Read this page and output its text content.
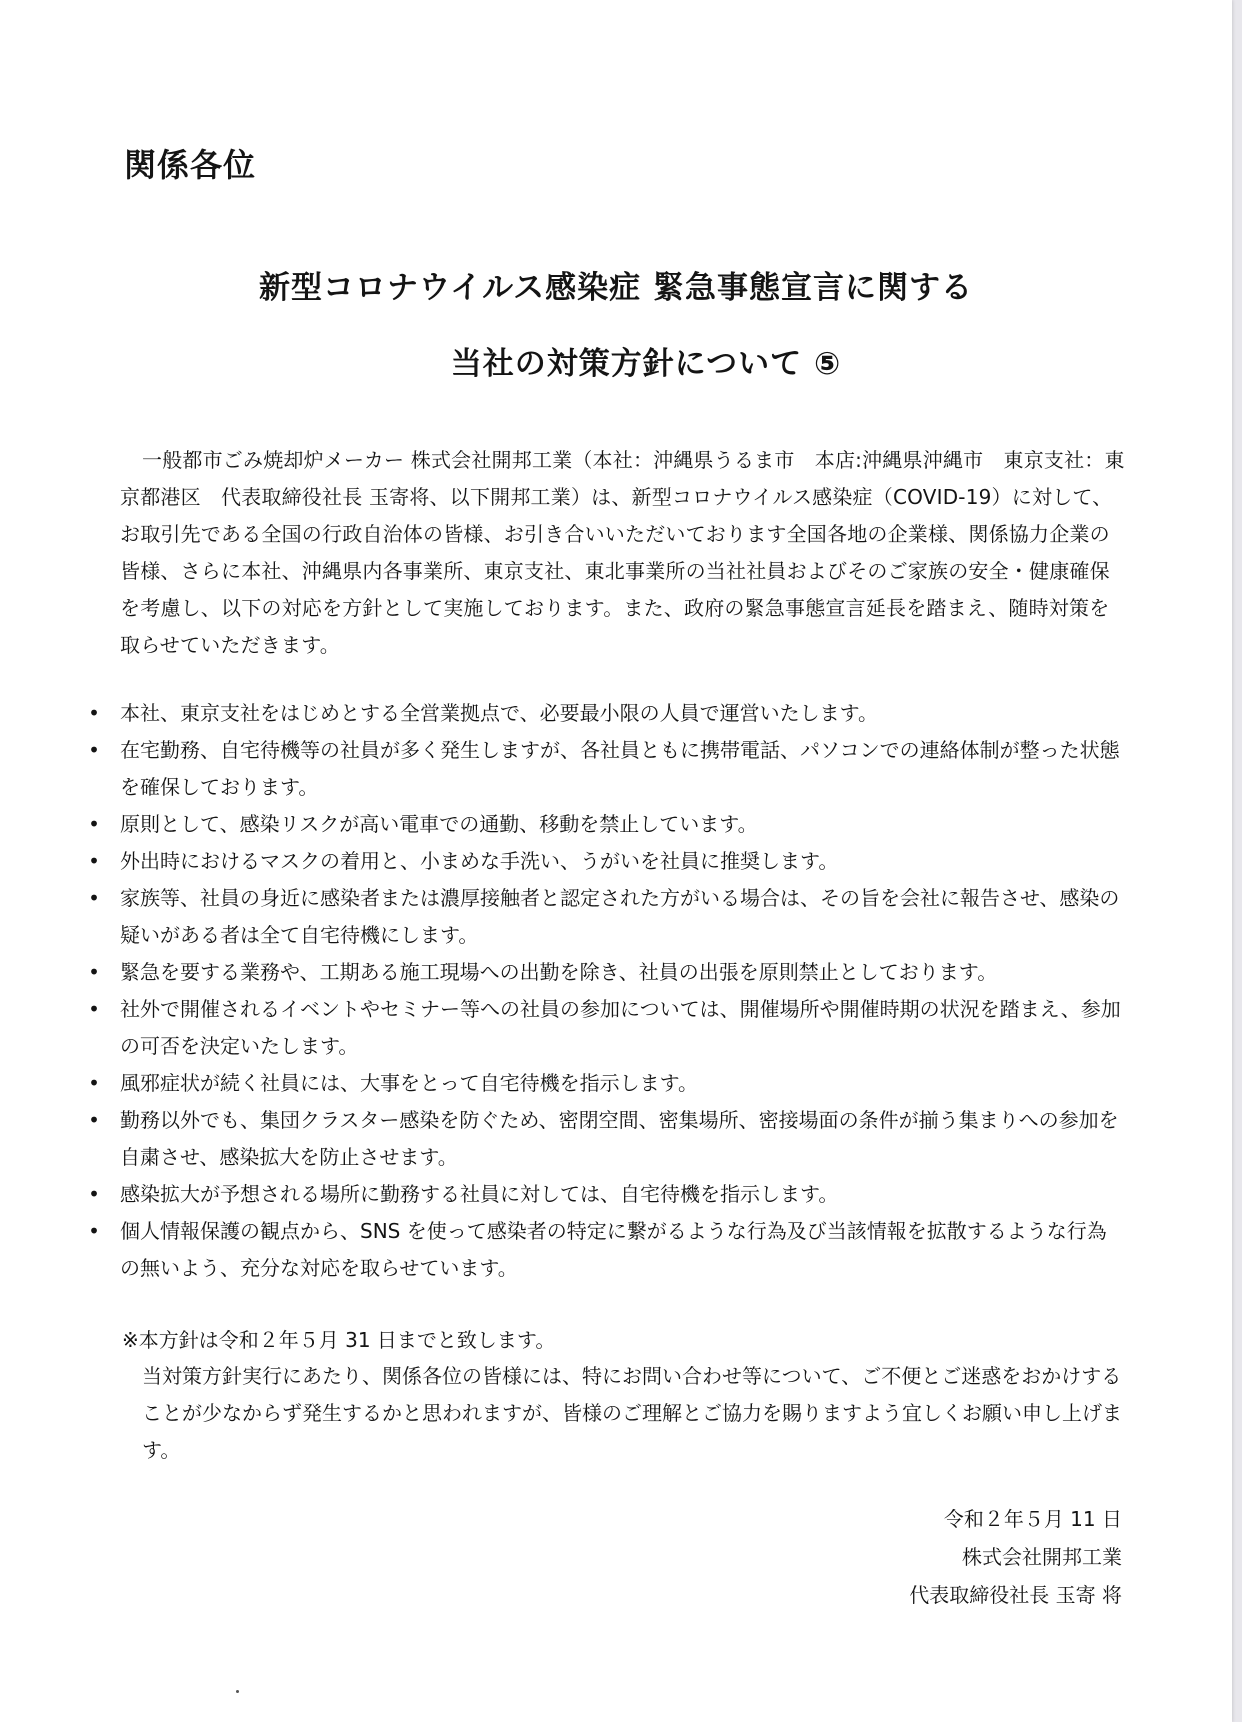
関係各位
新型コロナウイルス感染症 緊急事態宣言に関する
当社の対策方針について ⑤
一般都市ごみ焼却炉メーカー 株式会社開邦工業（本社：沖縄県うるま市　本店:沖縄県沖縄市　東京支社：東京都港区　代表取締役社長 玉寄将、以下開邦工業）は、新型コロナウイルス感染症（COVID-19）に対して、お取引先である全国の行政自治体の皆様、お引き合いいただいております全国各地の企業様、関係協力企業の皆様、さらに本社、沖縄県内各事業所、東京支社、東北事業所の当社社員およびそのご家族の安全・健康確保を考慮し、以下の対応を方針として実施しております。また、政府の緊急事態宣言延長を踏まえ、随時対策を取らせていただきます。
• 本社、東京支社をはじめとする全営業拠点で、必要最小限の人員で運営いたします。
• 在宅勤務、自宅待機等の社員が多く発生しますが、各社員ともに携帯電話、パソコンでの連絡体制が整った状態を確保しております。
• 原則として、感染リスクが高い電車での通勤、移動を禁止しています。
• 外出時におけるマスクの着用と、小まめな手洗い、うがいを社員に推奨します。
• 家族等、社員の身近に感染者または濃厚接触者と認定された方がいる場合は、その旨を会社に報告させ、感染の疑いがある者は全て自宅待機にします。
• 緊急を要する業務や、工期ある施工現場への出勤を除き、社員の出張を原則禁止としております。
• 社外で開催されるイベントやセミナー等への社員の参加については、開催場所や開催時期の状況を踏まえ、参加の可否を決定いたします。
• 風邪症状が続く社員には、大事をとって自宅待機を指示します。
• 勤務以外でも、集団クラスター感染を防ぐため、密閉空間、密集場所、密接場面の条件が揃う集まりへの参加を自粛させ、感染拡大を防止させます。
• 感染拡大が予想される場所に勤務する社員に対しては、自宅待機を指示します。
• 個人情報保護の観点から、SNS を使って感染者の特定に繋がるような行為及び当該情報を拡散するような行為の無いよう、充分な対応を取らせています。
※本方針は令和２年５月 31 日までと致します。
当対策方針実行にあたり、関係各位の皆様には、特にお問い合わせ等について、ご不便とご迷惑をおかけすることが少なからず発生するかと思われますが、皆様のご理解とご協力を賜りますよう宜しくお願い申し上げます。
令和２年５月 11 日
株式会社開邦工業
代表取締役社長 玉寄 将
